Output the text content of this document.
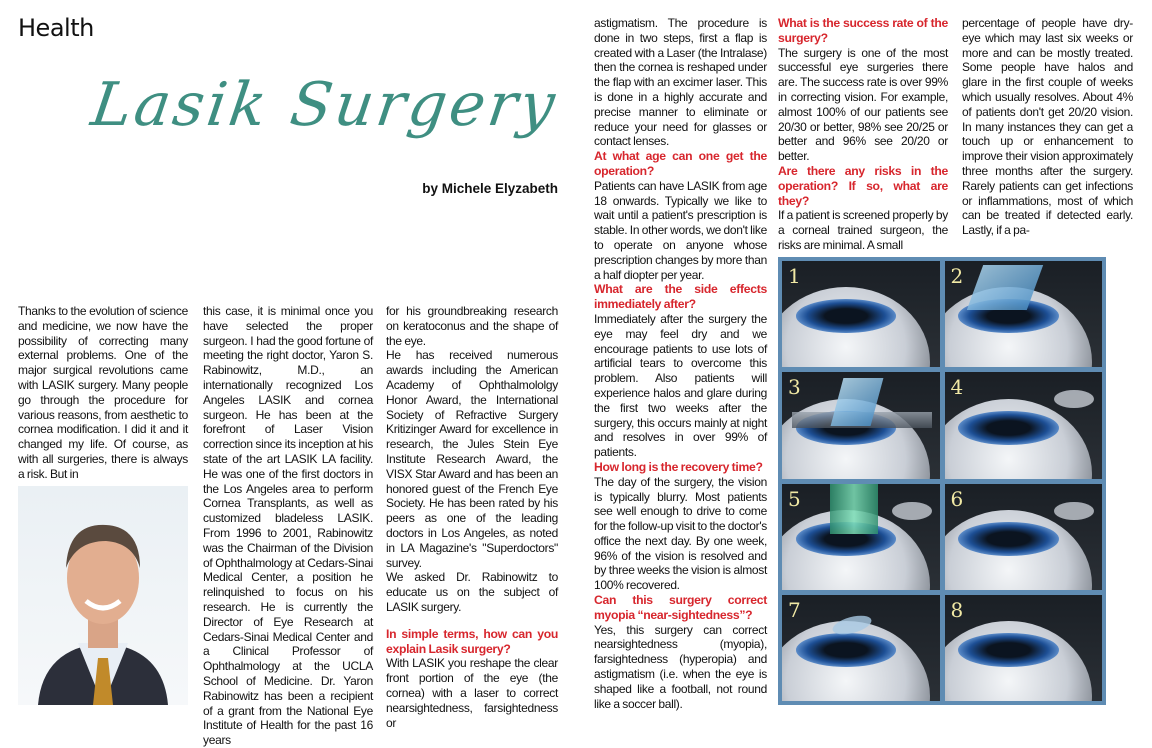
Health
Lasik Surgery
by Michele Elyzabeth

Thanks to the evolution of science and medicine, we now have the possibility of correcting many external problems. One of the major surgical revolutions came with LASIK surgery. Many people go through the procedure for various reasons, from aesthetic to cornea modification. I did it and it changed my life. Of course, as with all surgeries, there is always a risk. But in

this case, it is minimal once you have selected the proper surgeon. I had the good fortune of meeting the right doctor, Yaron S. Rabinowitz, M.D., an internationally recognized Los Angeles LASIK and cornea surgeon. He has been at the forefront of Laser Vision correction since its inception at his state of the art LASIK LA facility. He was one of the first doctors in the Los Angeles area to perform Cornea Transplants, as well as customized bladeless LASIK. From 1996 to 2001, Rabinowitz was the Chairman of the Division of Ophthalmology at Cedars-Sinai Medical Center, a position he relinquished to focus on his research. He is currently the Director of Eye Research at Cedars-Sinai Medical Center and a Clinical Professor of Ophthalmology at the UCLA School of Medicine. Dr. Yaron Rabinowitz has been a recipient of a grant from the National Eye Institute of Health for the past 16 years

for his groundbreaking research on keratoconus and the shape of the eye.

He has received numerous awards including the American Academy of Ophthalmololgy Honor Award, the International Society of Refractive Surgery Kritizinger Award for excellence in research, the Jules Stein Eye Institute Research Award, the VISX Star Award and has been an honored guest of the French Eye Society. He has been rated by his peers as one of the leading doctors in Los Angeles, as noted in LA Magazine's "Superdoctors" survey.

We asked Dr. Rabinowitz to educate us on the subject of LASIK surgery.

In simple terms, how can you explain Lasik surgery?

With LASIK you reshape the clear front portion of the eye (the cornea) with a laser to correct nearsightedness, farsightedness or

astigmatism. The procedure is done in two steps, first a flap is created with a Laser (the Intralase) then the cornea is reshaped under the flap with an excimer laser. This is done in a highly accurate and precise manner to eliminate or reduce your need for glasses or contact lenses.

At what age can one get the operation?

Patients can have LASIK from age 18 onwards. Typically we like to wait until a patient's prescription is stable. In other words, we don't like to operate on anyone whose prescription changes by more than a half diopter per year.

What are the side effects immediately after?

Immediately after the surgery the eye may feel dry and we encourage patients to use lots of artificial tears to overcome this problem. Also patients will experience halos and glare during the first two weeks after the surgery, this occurs mainly at night and resolves in over 99% of patients.

How long is the recovery time?

The day of the surgery, the vision is typically blurry. Most patients see well enough to drive to come for the follow-up visit to the doctor's office the next day. By one week, 96% of the vision is resolved and by three weeks the vision is almost 100% recovered.

Can this surgery correct myopia “near-sightedness”?

Yes, this surgery can correct nearsightedness (myopia), farsightedness (hyperopia) and astigmatism (i.e. when the eye is shaped like a football, not round like a soccer ball).

What is the success rate of the surgery?

The surgery is one of the most successful eye surgeries there are. The success rate is over 99% in correcting vision. For example, almost 100% of our patients see 20/30 or better, 98% see 20/25 or better and 96% see 20/20 or better.

Are there any risks in the operation? If so, what are they?

If a patient is screened properly by a corneal trained surgeon, the risks are minimal. A small

percentage of people have dry-eye which may last six weeks or more and can be mostly treated. Some people have halos and glare in the first couple of weeks which usually resolves. About 4% of patients don't get 20/20 vision. In many instances they can get a touch up or enhancement to improve their vision approximately three months after the surgery. Rarely patients can get infections or inflammations, most of which can be treated if detected early. Lastly, if a pa-

1	2
3	4
5	6
7	8
